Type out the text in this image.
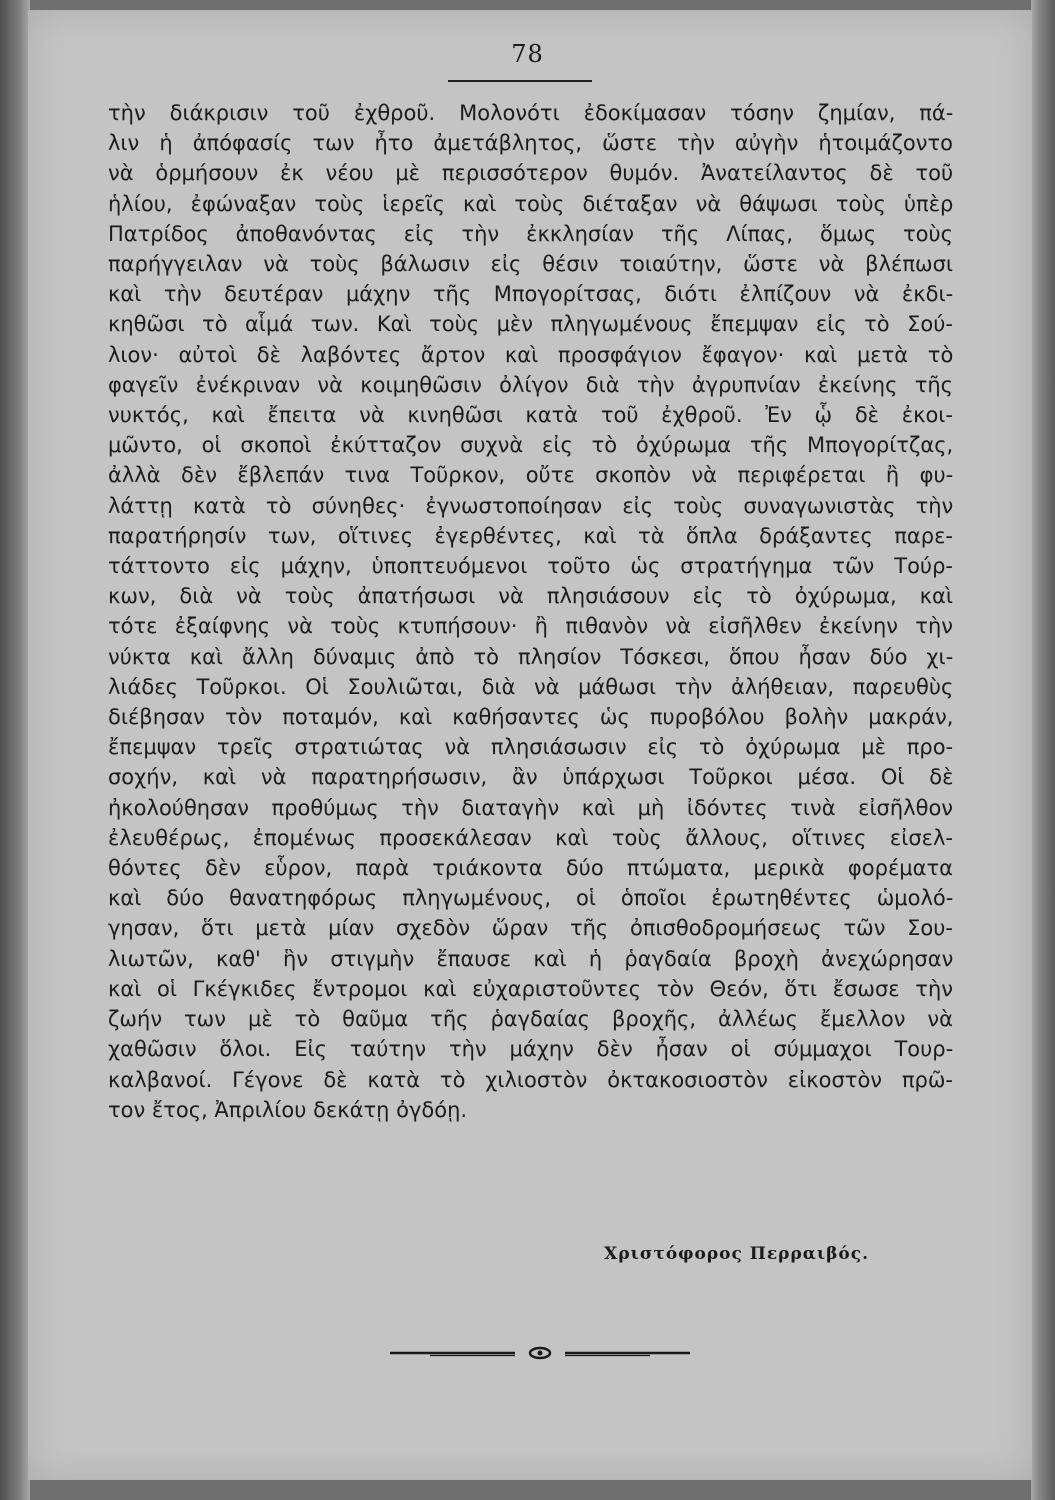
78
τὴν διάκρισιν τοῦ ἐχθροῦ. Μολονότι ἐδοκίμασαν τόσην ζημίαν, πά-
λιν ἡ ἀπόφασίς των ἦτο ἀμετάβλητος, ὥστε τὴν αὐγὴν ἡτοιμάζοντο
νὰ ὁρμήσουν ἐκ νέου μὲ περισσότερον θυμόν. Ἀνατείλαντος δὲ τοῦ
ἡλίου, ἐφώναξαν τοὺς ἱερεῖς καὶ τοὺς διέταξαν νὰ θάψωσι τοὺς ὑπὲρ
Πατρίδος ἀποθανόντας εἰς τὴν ἐκκλησίαν τῆς Λίπας, ὅμως τοὺς
παρήγγειλαν νὰ τοὺς βάλωσιν εἰς θέσιν τοιαύτην, ὥστε νὰ βλέπωσι
καὶ τὴν δευτέραν μάχην τῆς Μπογορίτσας, διότι ἐλπίζουν νὰ ἐκδι-
κηθῶσι τὸ αἷμά των. Καὶ τοὺς μὲν πληγωμένους ἔπεμψαν εἰς τὸ Σού-
λιον· αὐτοὶ δὲ λαβόντες ἄρτον καὶ προσφάγιον ἔφαγον· καὶ μετὰ τὸ
φαγεῖν ἐνέκριναν νὰ κοιμηθῶσιν ὀλίγον διὰ τὴν ἀγρυπνίαν ἐκείνης τῆς
νυκτός, καὶ ἔπειτα νὰ κινηθῶσι κατὰ τοῦ ἐχθροῦ. Ἐν ᾧ δὲ ἐκοι-
μῶντο, οἱ σκοποὶ ἐκύτταζον συχνὰ εἰς τὸ ὀχύρωμα τῆς Μπογορίτζας,
ἀλλὰ δὲν ἔβλεπάν τινα Τοῦρκον, οὔτε σκοπὸν νὰ περιφέρεται ἢ φυ-
λάττῃ κατὰ τὸ σύνηθες· ἐγνωστοποίησαν εἰς τοὺς συναγωνιστὰς τὴν
παρατήρησίν των, οἵτινες ἐγερθέντες, καὶ τὰ ὅπλα δράξαντες παρε-
τάττοντο εἰς μάχην, ὑποπτευόμενοι τοῦτο ὡς στρατήγημα τῶν Τούρ-
κων, διὰ νὰ τοὺς ἀπατήσωσι νὰ πλησιάσουν εἰς τὸ ὀχύρωμα, καὶ
τότε ἐξαίφνης νὰ τοὺς κτυπήσουν· ἢ πιθανὸν νὰ εἰσῆλθεν ἐκείνην τὴν
νύκτα καὶ ἄλλη δύναμις ἀπὸ τὸ πλησίον Τόσκεσι, ὅπου ἦσαν δύο χι-
λιάδες Τοῦρκοι. Οἱ Σουλιῶται, διὰ νὰ μάθωσι τὴν ἀλήθειαν, παρευθὺς
διέβησαν τὸν ποταμόν, καὶ καθήσαντες ὡς πυροβόλου βολὴν μακράν,
ἔπεμψαν τρεῖς στρατιώτας νὰ πλησιάσωσιν εἰς τὸ ὀχύρωμα μὲ προ-
σοχήν, καὶ νὰ παρατηρήσωσιν, ἂν ὑπάρχωσι Τοῦρκοι μέσα. Οἱ δὲ
ἠκολούθησαν προθύμως τὴν διαταγὴν καὶ μὴ ἰδόντες τινὰ εἰσῆλθον
ἐλευθέρως, ἐπομένως προσεκάλεσαν καὶ τοὺς ἄλλους, οἵτινες εἰσελ-
θόντες δὲν εὗρον, παρὰ τριάκοντα δύο πτώματα, μερικὰ φορέματα
καὶ δύο θανατηφόρως πληγωμένους, οἱ ὁποῖοι ἐρωτηθέντες ὡμολό-
γησαν, ὅτι μετὰ μίαν σχεδὸν ὥραν τῆς ὀπισθοδρομήσεως τῶν Σου-
λιωτῶν, καθ' ἣν στιγμὴν ἔπαυσε καὶ ἡ ῥαγδαία βροχὴ ἀνεχώρησαν
καὶ οἱ Γκέγκιδες ἔντρομοι καὶ εὐχαριστοῦντες τὸν Θεόν, ὅτι ἔσωσε τὴν
ζωήν των μὲ τὸ θαῦμα τῆς ῥαγδαίας βροχῆς, ἀλλέως ἔμελλον νὰ
χαθῶσιν ὅλοι. Εἰς ταύτην τὴν μάχην δὲν ἦσαν οἱ σύμμαχοι Τουρ-
καλβανοί. Γέγονε δὲ κατὰ τὸ χιλιοστὸν ὀκτακοσιοστὸν εἰκοστὸν πρῶ-
τον ἔτος, Ἀπριλίου δεκάτῃ ὀγδόῃ.
Χριστόφορος Περραιβός.
